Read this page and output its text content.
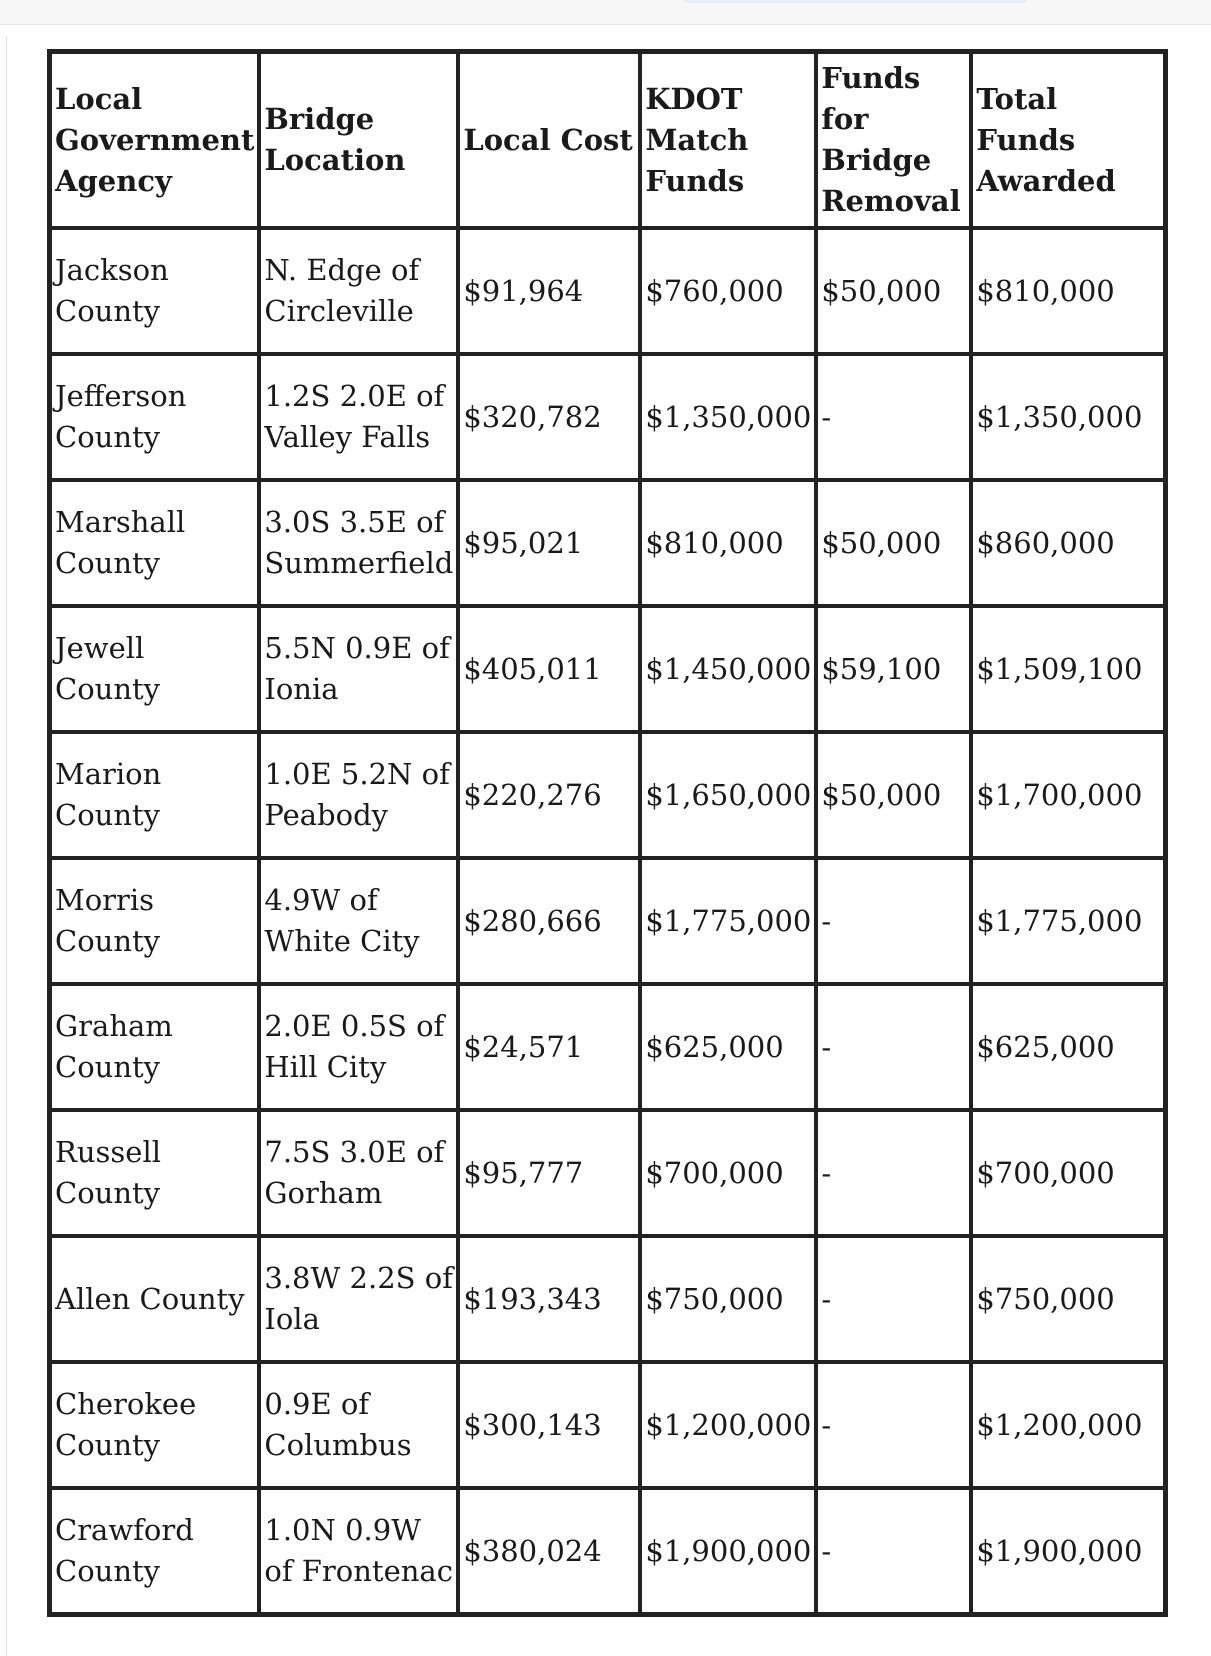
Local Government Agency	Bridge Location	Local Cost	KDOT Match Funds	Funds for Bridge Removal	Total Funds Awarded
Jackson County	N. Edge of Circleville	$91,964	$760,000	$50,000	$810,000
Jefferson County	1.2S 2.0E of Valley Falls	$320,782	$1,350,000	-	$1,350,000
Marshall County	3.0S 3.5E of Summerfield	$95,021	$810,000	$50,000	$860,000
Jewell County	5.5N 0.9E of Ionia	$405,011	$1,450,000	$59,100	$1,509,100
Marion County	1.0E 5.2N of Peabody	$220,276	$1,650,000	$50,000	$1,700,000
Morris County	4.9W of White City	$280,666	$1,775,000	-	$1,775,000
Graham County	2.0E 0.5S of Hill City	$24,571	$625,000	-	$625,000
Russell County	7.5S 3.0E of Gorham	$95,777	$700,000	-	$700,000
Allen County	3.8W 2.2S of Iola	$193,343	$750,000	-	$750,000
Cherokee County	0.9E of Columbus	$300,143	$1,200,000	-	$1,200,000
Crawford County	1.0N 0.9W of Frontenac	$380,024	$1,900,000	-	$1,900,000
